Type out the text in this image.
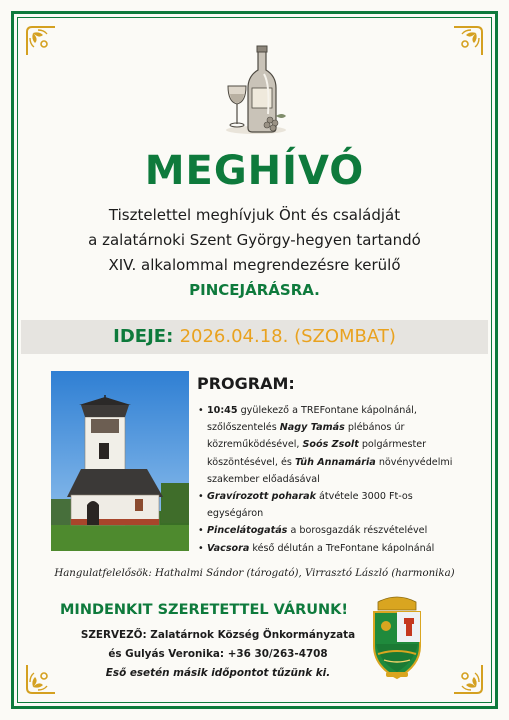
MEGHÍVÓ
Tisztelettel meghívjuk Önt és családját
a zalatárnoki Szent György-hegyen tartandó
XIV. alkalommal megrendezésre kerülő
PINCEJÁRÁSRA.
IDEJE: 2026.04.18. (SZOMBAT)
PROGRAM:
• 10:45 gyülekező a TREFontane kápolnánál, szőlőszentelés Nagy Tamás plébános úr közreműködésével, Soós Zsolt polgármester köszöntésével, és Tüh Annamária növényvédelmi szakember előadásával
• Gravírozott poharak átvétele 3000 Ft-os egységáron
• Pincelátogatás a borosgazdák részvételével
• Vacsora késő délután a TreFontane kápolnánál
Hangulatfelelősök: Hathalmi Sándor (tárogató), Virrasztó László (harmonika)
MINDENKIT SZERETETTEL VÁRUNK!
SZERVEZŐ: Zalatárnok Község Önkormányzata
és Gulyás Veronika: +36 30/263-4708
Eső esetén másik időpontot tűzünk ki.
